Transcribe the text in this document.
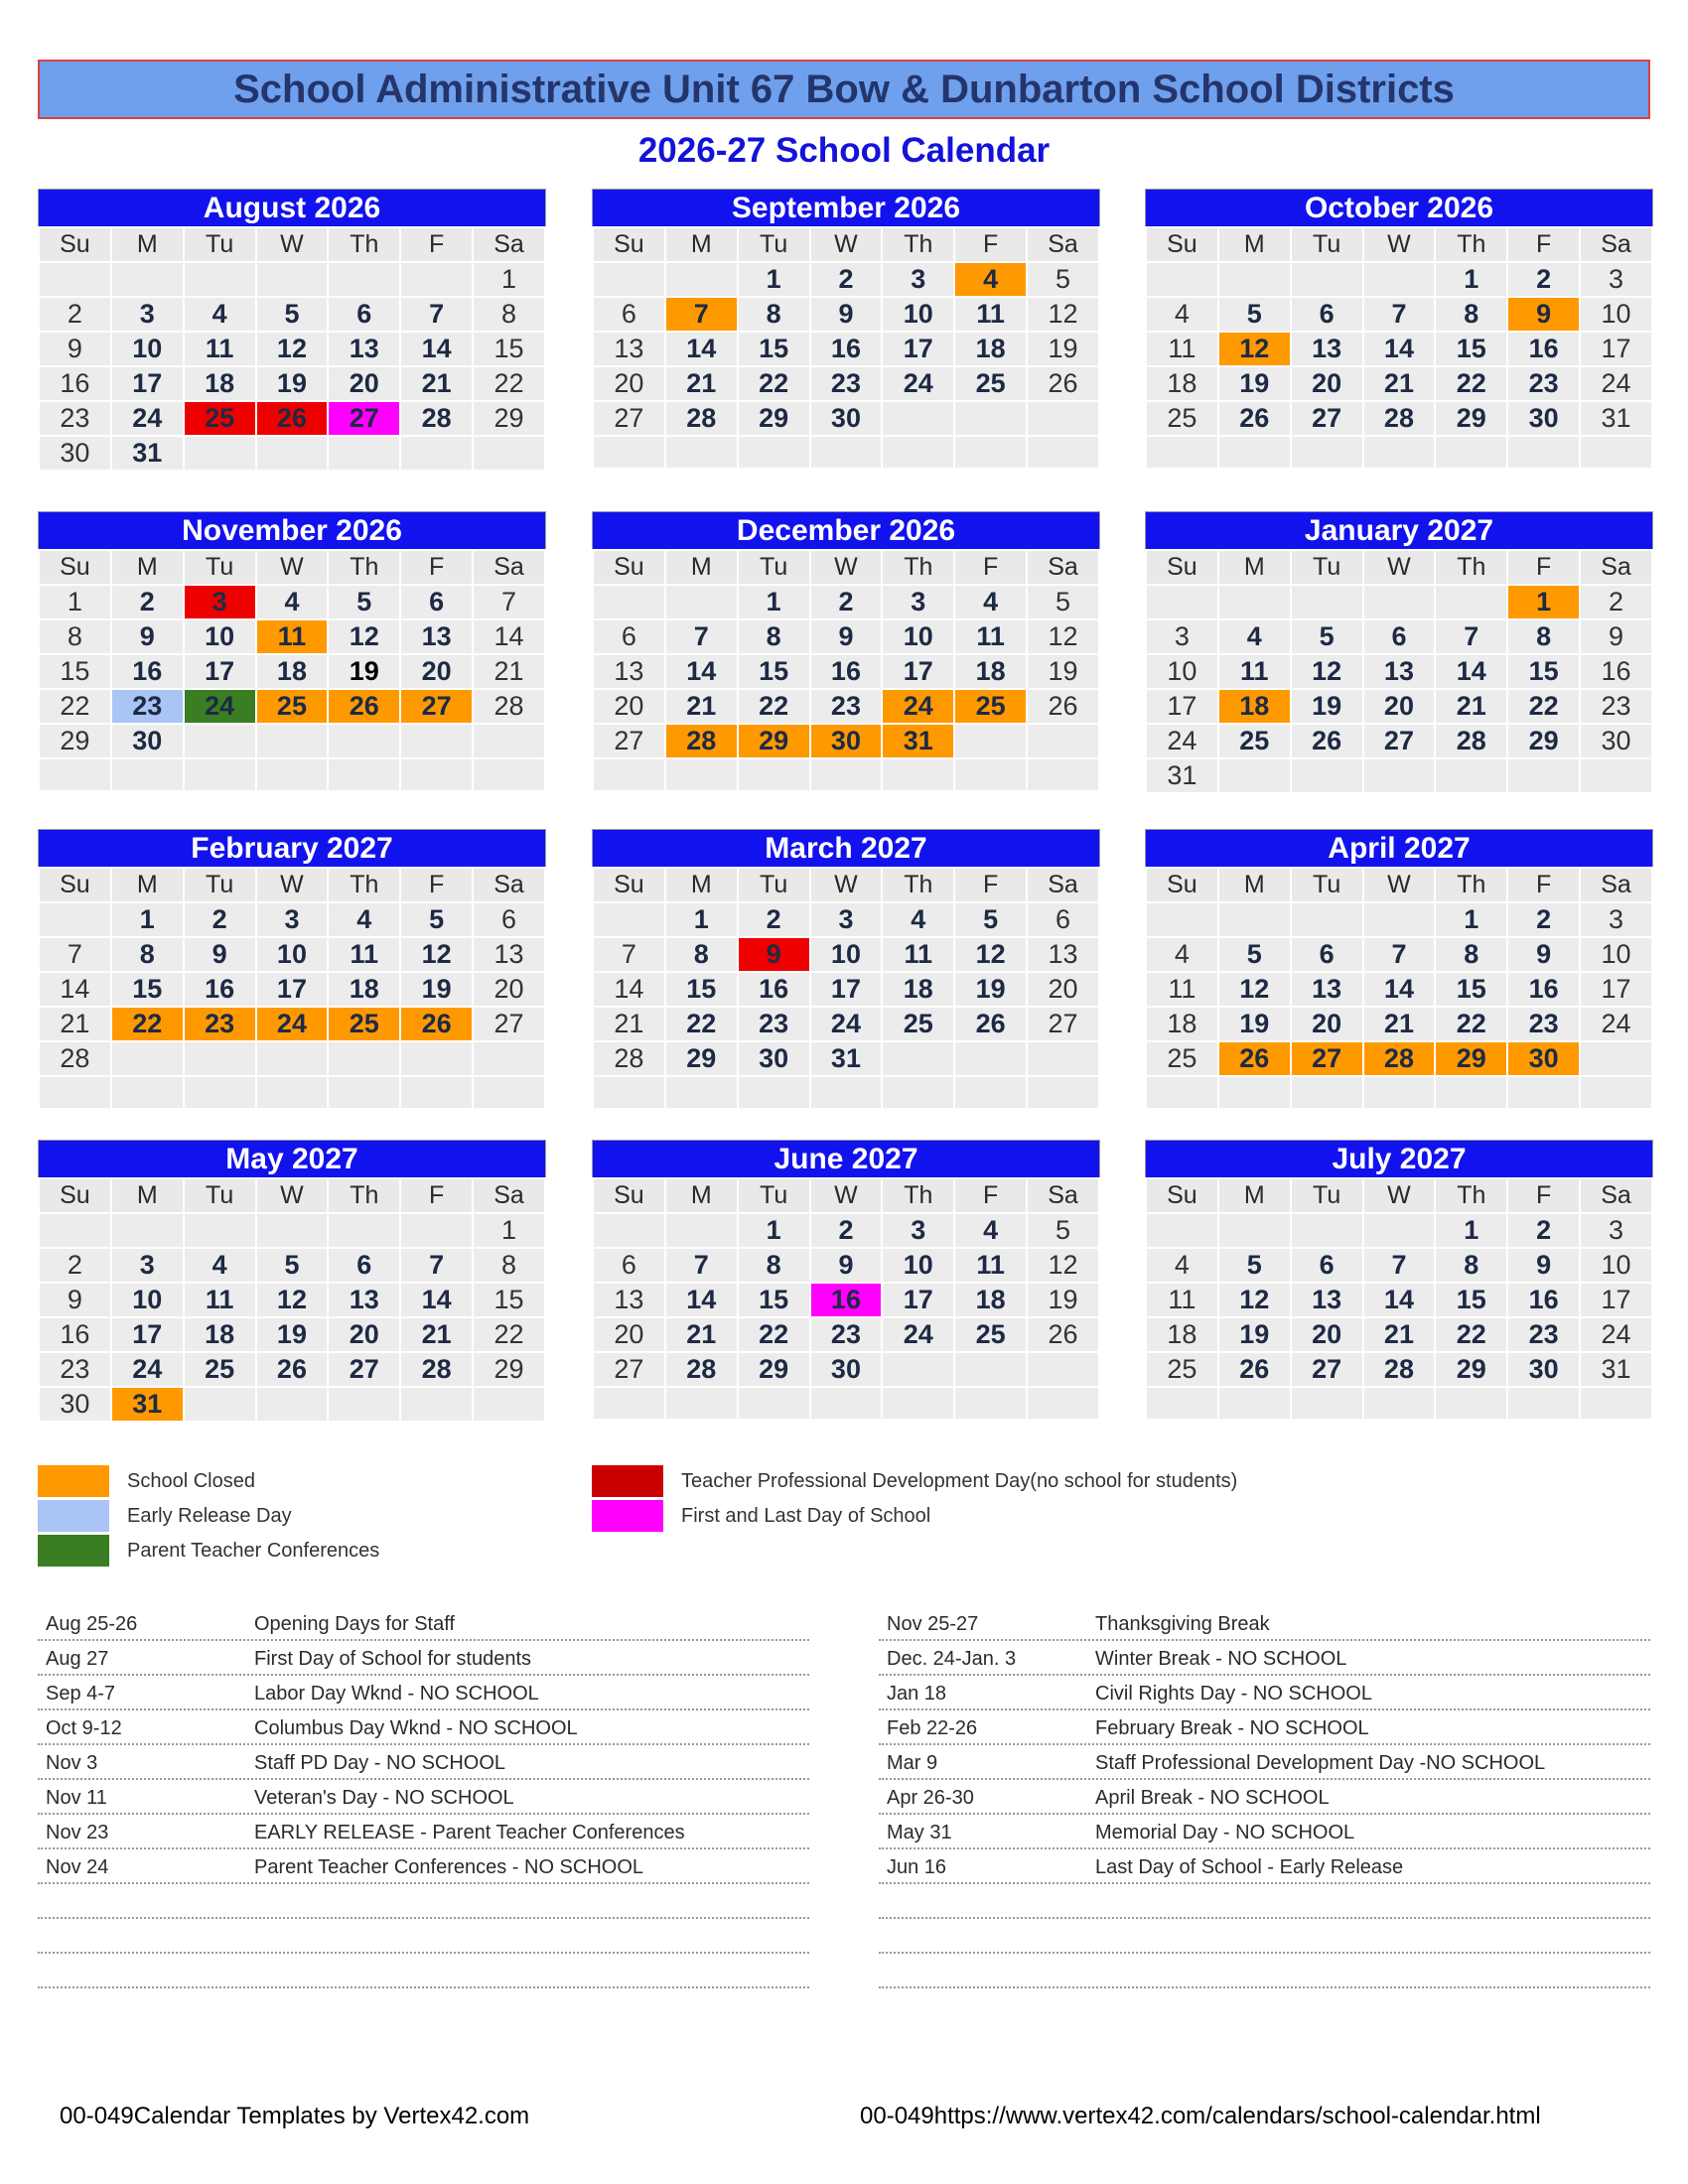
School Administrative Unit 67 Bow & Dunbarton School Districts
2026-27 School Calendar
August 2026
Su	M	Tu	W	Th	F	Sa
						1
2	3	4	5	6	7	8
9	10	11	12	13	14	15
16	17	18	19	20	21	22
23	24	25	26	27	28	29
30	31					
September 2026
Su	M	Tu	W	Th	F	Sa
		1	2	3	4	5
6	7	8	9	10	11	12
13	14	15	16	17	18	19
20	21	22	23	24	25	26
27	28	29	30			

October 2026
Su	M	Tu	W	Th	F	Sa
				1	2	3
4	5	6	7	8	9	10
11	12	13	14	15	16	17
18	19	20	21	22	23	24
25	26	27	28	29	30	31

November 2026
Su	M	Tu	W	Th	F	Sa
1	2	3	4	5	6	7
8	9	10	11	12	13	14
15	16	17	18	19	20	21
22	23	24	25	26	27	28
29	30					

December 2026
Su	M	Tu	W	Th	F	Sa
		1	2	3	4	5
6	7	8	9	10	11	12
13	14	15	16	17	18	19
20	21	22	23	24	25	26
27	28	29	30	31		

January 2027
Su	M	Tu	W	Th	F	Sa
					1	2
3	4	5	6	7	8	9
10	11	12	13	14	15	16
17	18	19	20	21	22	23
24	25	26	27	28	29	30
31						
February 2027
Su	M	Tu	W	Th	F	Sa
	1	2	3	4	5	6
7	8	9	10	11	12	13
14	15	16	17	18	19	20
21	22	23	24	25	26	27
28						

March 2027
Su	M	Tu	W	Th	F	Sa
	1	2	3	4	5	6
7	8	9	10	11	12	13
14	15	16	17	18	19	20
21	22	23	24	25	26	27
28	29	30	31			

April 2027
Su	M	Tu	W	Th	F	Sa
				1	2	3
4	5	6	7	8	9	10
11	12	13	14	15	16	17
18	19	20	21	22	23	24
25	26	27	28	29	30	

May 2027
Su	M	Tu	W	Th	F	Sa
						1
2	3	4	5	6	7	8
9	10	11	12	13	14	15
16	17	18	19	20	21	22
23	24	25	26	27	28	29
30	31					
June 2027
Su	M	Tu	W	Th	F	Sa
		1	2	3	4	5
6	7	8	9	10	11	12
13	14	15	16	17	18	19
20	21	22	23	24	25	26
27	28	29	30			

July 2027
Su	M	Tu	W	Th	F	Sa
				1	2	3
4	5	6	7	8	9	10
11	12	13	14	15	16	17
18	19	20	21	22	23	24
25	26	27	28	29	30	31

School Closed
Early Release Day
Parent Teacher Conferences
Teacher Professional Development Day(no school for students)
First and Last Day of School
Aug 25-26	Opening Days for Staff
Aug 27	First Day of School for students
Sep 4-7	Labor Day Wknd - NO SCHOOL
Oct 9-12	Columbus Day Wknd - NO SCHOOL
Nov 3	Staff PD Day - NO SCHOOL
Nov 11	Veteran's Day - NO SCHOOL
Nov 23	EARLY RELEASE - Parent Teacher Conferences
Nov 24	Parent Teacher Conferences - NO SCHOOL
Nov 25-27	Thanksgiving Break
Dec. 24-Jan. 3	Winter Break - NO SCHOOL
Jan 18	Civil Rights Day - NO SCHOOL
Feb 22-26	February Break - NO SCHOOL
Mar 9	Staff Professional Development Day -NO SCHOOL
Apr 26-30	April Break - NO SCHOOL
May 31	Memorial Day - NO SCHOOL
Jun 16	Last Day of School - Early Release
00-049Calendar Templates by Vertex42.com	00-049https://www.vertex42.com/calendars/school-calendar.html
